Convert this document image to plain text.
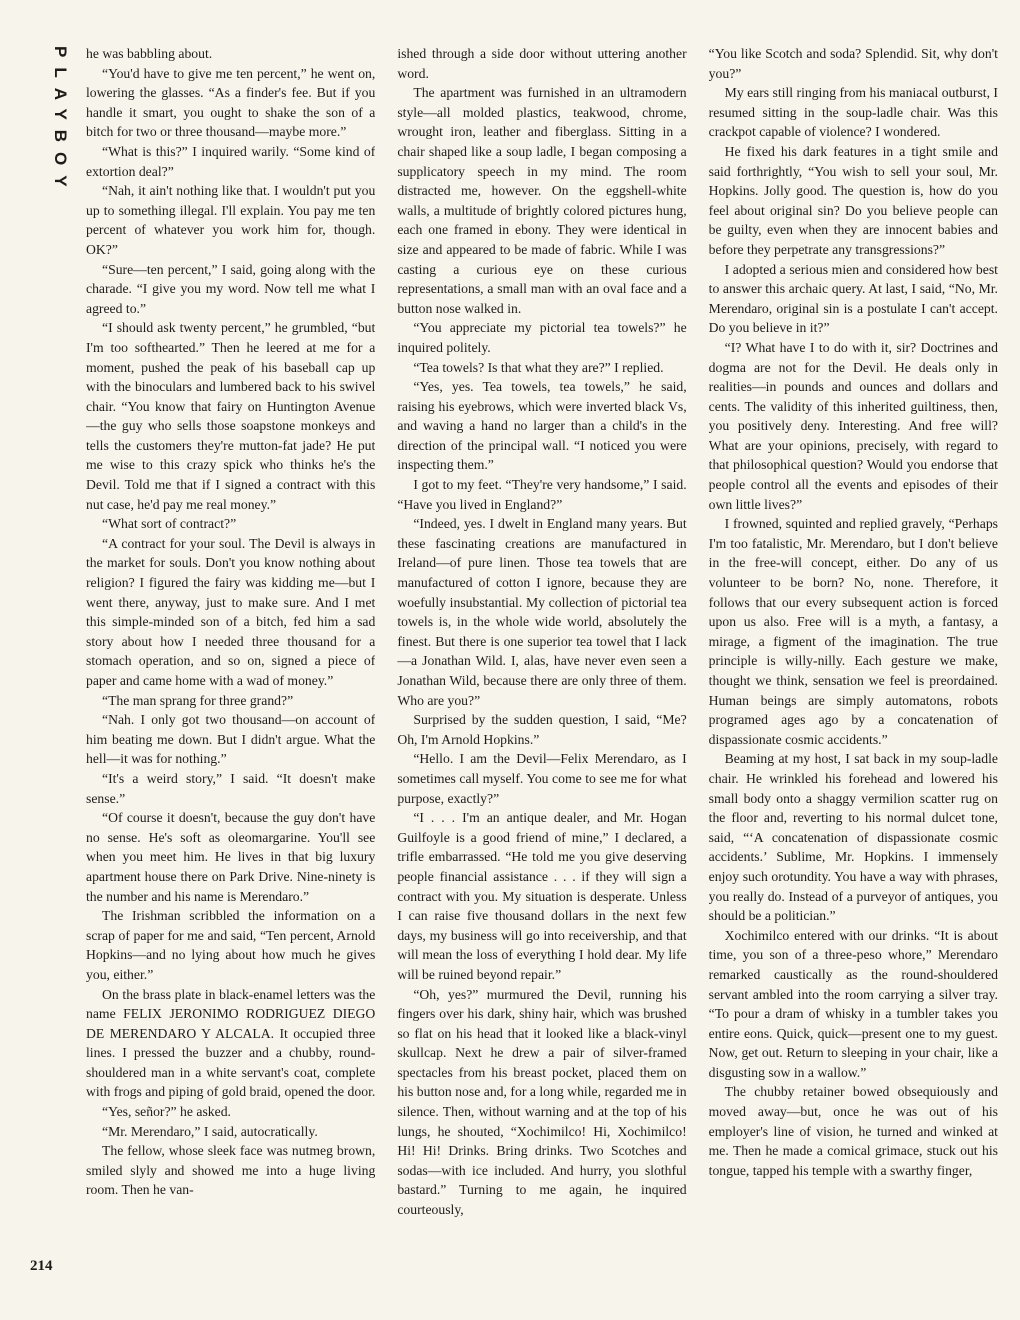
PLAYBOY he was babbling about.

“You'd have to give me ten percent,” he went on, lowering the glasses. “As a finder's fee. But if you handle it smart, you ought to shake the son of a bitch for two or three thousand—maybe more.”

“What is this?” I inquired warily. “Some kind of extortion deal?”

“Nah, it ain't nothing like that. I wouldn't put you up to something illegal. I'll explain. You pay me ten percent of whatever you work him for, though. OK?”

“Sure—ten percent,” I said, going along with the charade. “I give you my word. Now tell me what I agreed to.”

“I should ask twenty percent,” he grumbled, “but I'm too softhearted.” Then he leered at me for a moment, pushed the peak of his baseball cap up with the binoculars and lumbered back to his swivel chair. “You know that fairy on Huntington Avenue—the guy who sells those soapstone monkeys and tells the customers they're mutton-fat jade? He put me wise to this crazy spick who thinks he's the Devil. Told me that if I signed a contract with this nut case, he'd pay me real money.”

“What sort of contract?”

“A contract for your soul. The Devil is always in the market for souls. Don't you know nothing about religion? I figured the fairy was kidding me—but I went there, anyway, just to make sure. And I met this simple-minded son of a bitch, fed him a sad story about how I needed three thousand for a stomach operation, and so on, signed a piece of paper and came home with a wad of money.”

“The man sprang for three grand?”

“Nah. I only got two thousand—on account of him beating me down. But I didn't argue. What the hell—it was for nothing.”

“It's a weird story,” I said. “It doesn't make sense.”

“Of course it doesn't, because the guy don't have no sense. He's soft as oleomargarine. You'll see when you meet him. He lives in that big luxury apartment house there on Park Drive. Nine-ninety is the number and his name is Merendaro.”

The Irishman scribbled the information on a scrap of paper for me and said, “Ten percent, Arnold Hopkins—and no lying about how much he gives you, either.”

On the brass plate in black-enamel letters was the name FELIX JERONIMO RODRIGUEZ DIEGO DE MERENDARO Y ALCALA. It occupied three lines. I pressed the buzzer and a chubby, round-shouldered man in a white servant's coat, complete with frogs and piping of gold braid, opened the door.

“Yes, señor?” he asked.

“Mr. Merendaro,” I said, autocratically.

The fellow, whose sleek face was nutmeg brown, smiled slyly and showed me into a huge living room. Then he van-

ished through a side door without uttering another word.

The apartment was furnished in an ultramodern style—all molded plastics, teakwood, chrome, wrought iron, leather and fiberglass. Sitting in a chair shaped like a soup ladle, I began composing a supplicatory speech in my mind. The room distracted me, however. On the eggshell-white walls, a multitude of brightly colored pictures hung, each one framed in ebony. They were identical in size and appeared to be made of fabric. While I was casting a curious eye on these curious representations, a small man with an oval face and a button nose walked in.

“You appreciate my pictorial tea towels?” he inquired politely.

“Tea towels? Is that what they are?” I replied.

“Yes, yes. Tea towels, tea towels,” he said, raising his eyebrows, which were inverted black Vs, and waving a hand no larger than a child's in the direction of the principal wall. “I noticed you were inspecting them.”

I got to my feet. “They're very handsome,” I said. “Have you lived in England?”

“Indeed, yes. I dwelt in England many years. But these fascinating creations are manufactured in Ireland—of pure linen. Those tea towels that are manufactured of cotton I ignore, because they are woefully insubstantial. My collection of pictorial tea towels is, in the whole wide world, absolutely the finest. But there is one superior tea towel that I lack—a Jonathan Wild. I, alas, have never even seen a Jonathan Wild, because there are only three of them. Who are you?”

Surprised by the sudden question, I said, “Me? Oh, I'm Arnold Hopkins.”

“Hello. I am the Devil—Felix Merendaro, as I sometimes call myself. You come to see me for what purpose, exactly?”

“I . . . I'm an antique dealer, and Mr. Hogan Guilfoyle is a good friend of mine,” I declared, a trifle embarrassed. “He told me you give deserving people financial assistance . . . if they will sign a contract with you. My situation is desperate. Unless I can raise five thousand dollars in the next few days, my business will go into receivership, and that will mean the loss of everything I hold dear. My life will be ruined beyond repair.”

“Oh, yes?” murmured the Devil, running his fingers over his dark, shiny hair, which was brushed so flat on his head that it looked like a black-vinyl skullcap. Next he drew a pair of silver-framed spectacles from his breast pocket, placed them on his button nose and, for a long while, regarded me in silence. Then, without warning and at the top of his lungs, he shouted, “Xochimilco! Hi, Xochimilco! Hi! Hi! Drinks. Bring drinks. Two Scotches and sodas—with ice included. And hurry, you slothful bastard.” Turning to me again, he inquired courteously,

“You like Scotch and soda? Splendid. Sit, why don't you?”

My ears still ringing from his maniacal outburst, I resumed sitting in the soup-ladle chair. Was this crackpot capable of violence? I wondered.

He fixed his dark features in a tight smile and said forthrightly, “You wish to sell your soul, Mr. Hopkins. Jolly good. The question is, how do you feel about original sin? Do you believe people can be guilty, even when they are innocent babies and before they perpetrate any transgressions?”

I adopted a serious mien and considered how best to answer this archaic query. At last, I said, “No, Mr. Merendaro, original sin is a postulate I can't accept. Do you believe in it?”

“I? What have I to do with it, sir? Doctrines and dogma are not for the Devil. He deals only in realities—in pounds and ounces and dollars and cents. The validity of this inherited guiltiness, then, you positively deny. Interesting. And free will? What are your opinions, precisely, with regard to that philosophical question? Would you endorse that people control all the events and episodes of their own little lives?”

I frowned, squinted and replied gravely, “Perhaps I'm too fatalistic, Mr. Merendaro, but I don't believe in the free-will concept, either. Do any of us volunteer to be born? No, none. Therefore, it follows that our every subsequent action is forced upon us also. Free will is a myth, a fantasy, a mirage, a figment of the imagination. The true principle is willy-nilly. Each gesture we make, thought we think, sensation we feel is preordained. Human beings are simply automatons, robots programed ages ago by a concatenation of dispassionate cosmic accidents.”

Beaming at my host, I sat back in my soup-ladle chair. He wrinkled his forehead and lowered his small body onto a shaggy vermilion scatter rug on the floor and, reverting to his normal dulcet tone, said, “‘A concatenation of dispassionate cosmic accidents.’ Sublime, Mr. Hopkins. I immensely enjoy such orotundity. You have a way with phrases, you really do. Instead of a purveyor of antiques, you should be a politician.”

Xochimilco entered with our drinks. “It is about time, you son of a three-peso whore,” Merendaro remarked caustically as the round-shouldered servant ambled into the room carrying a silver tray. “To pour a dram of whisky in a tumbler takes you entire eons. Quick, quick—present one to my guest. Now, get out. Return to sleeping in your chair, like a disgusting sow in a wallow.”

The chubby retainer bowed obsequiously and moved away—but, once he was out of his employer's line of vision, he turned and winked at me. Then he made a comical grimace, stuck out his tongue, tapped his temple with a swarthy finger,

214
